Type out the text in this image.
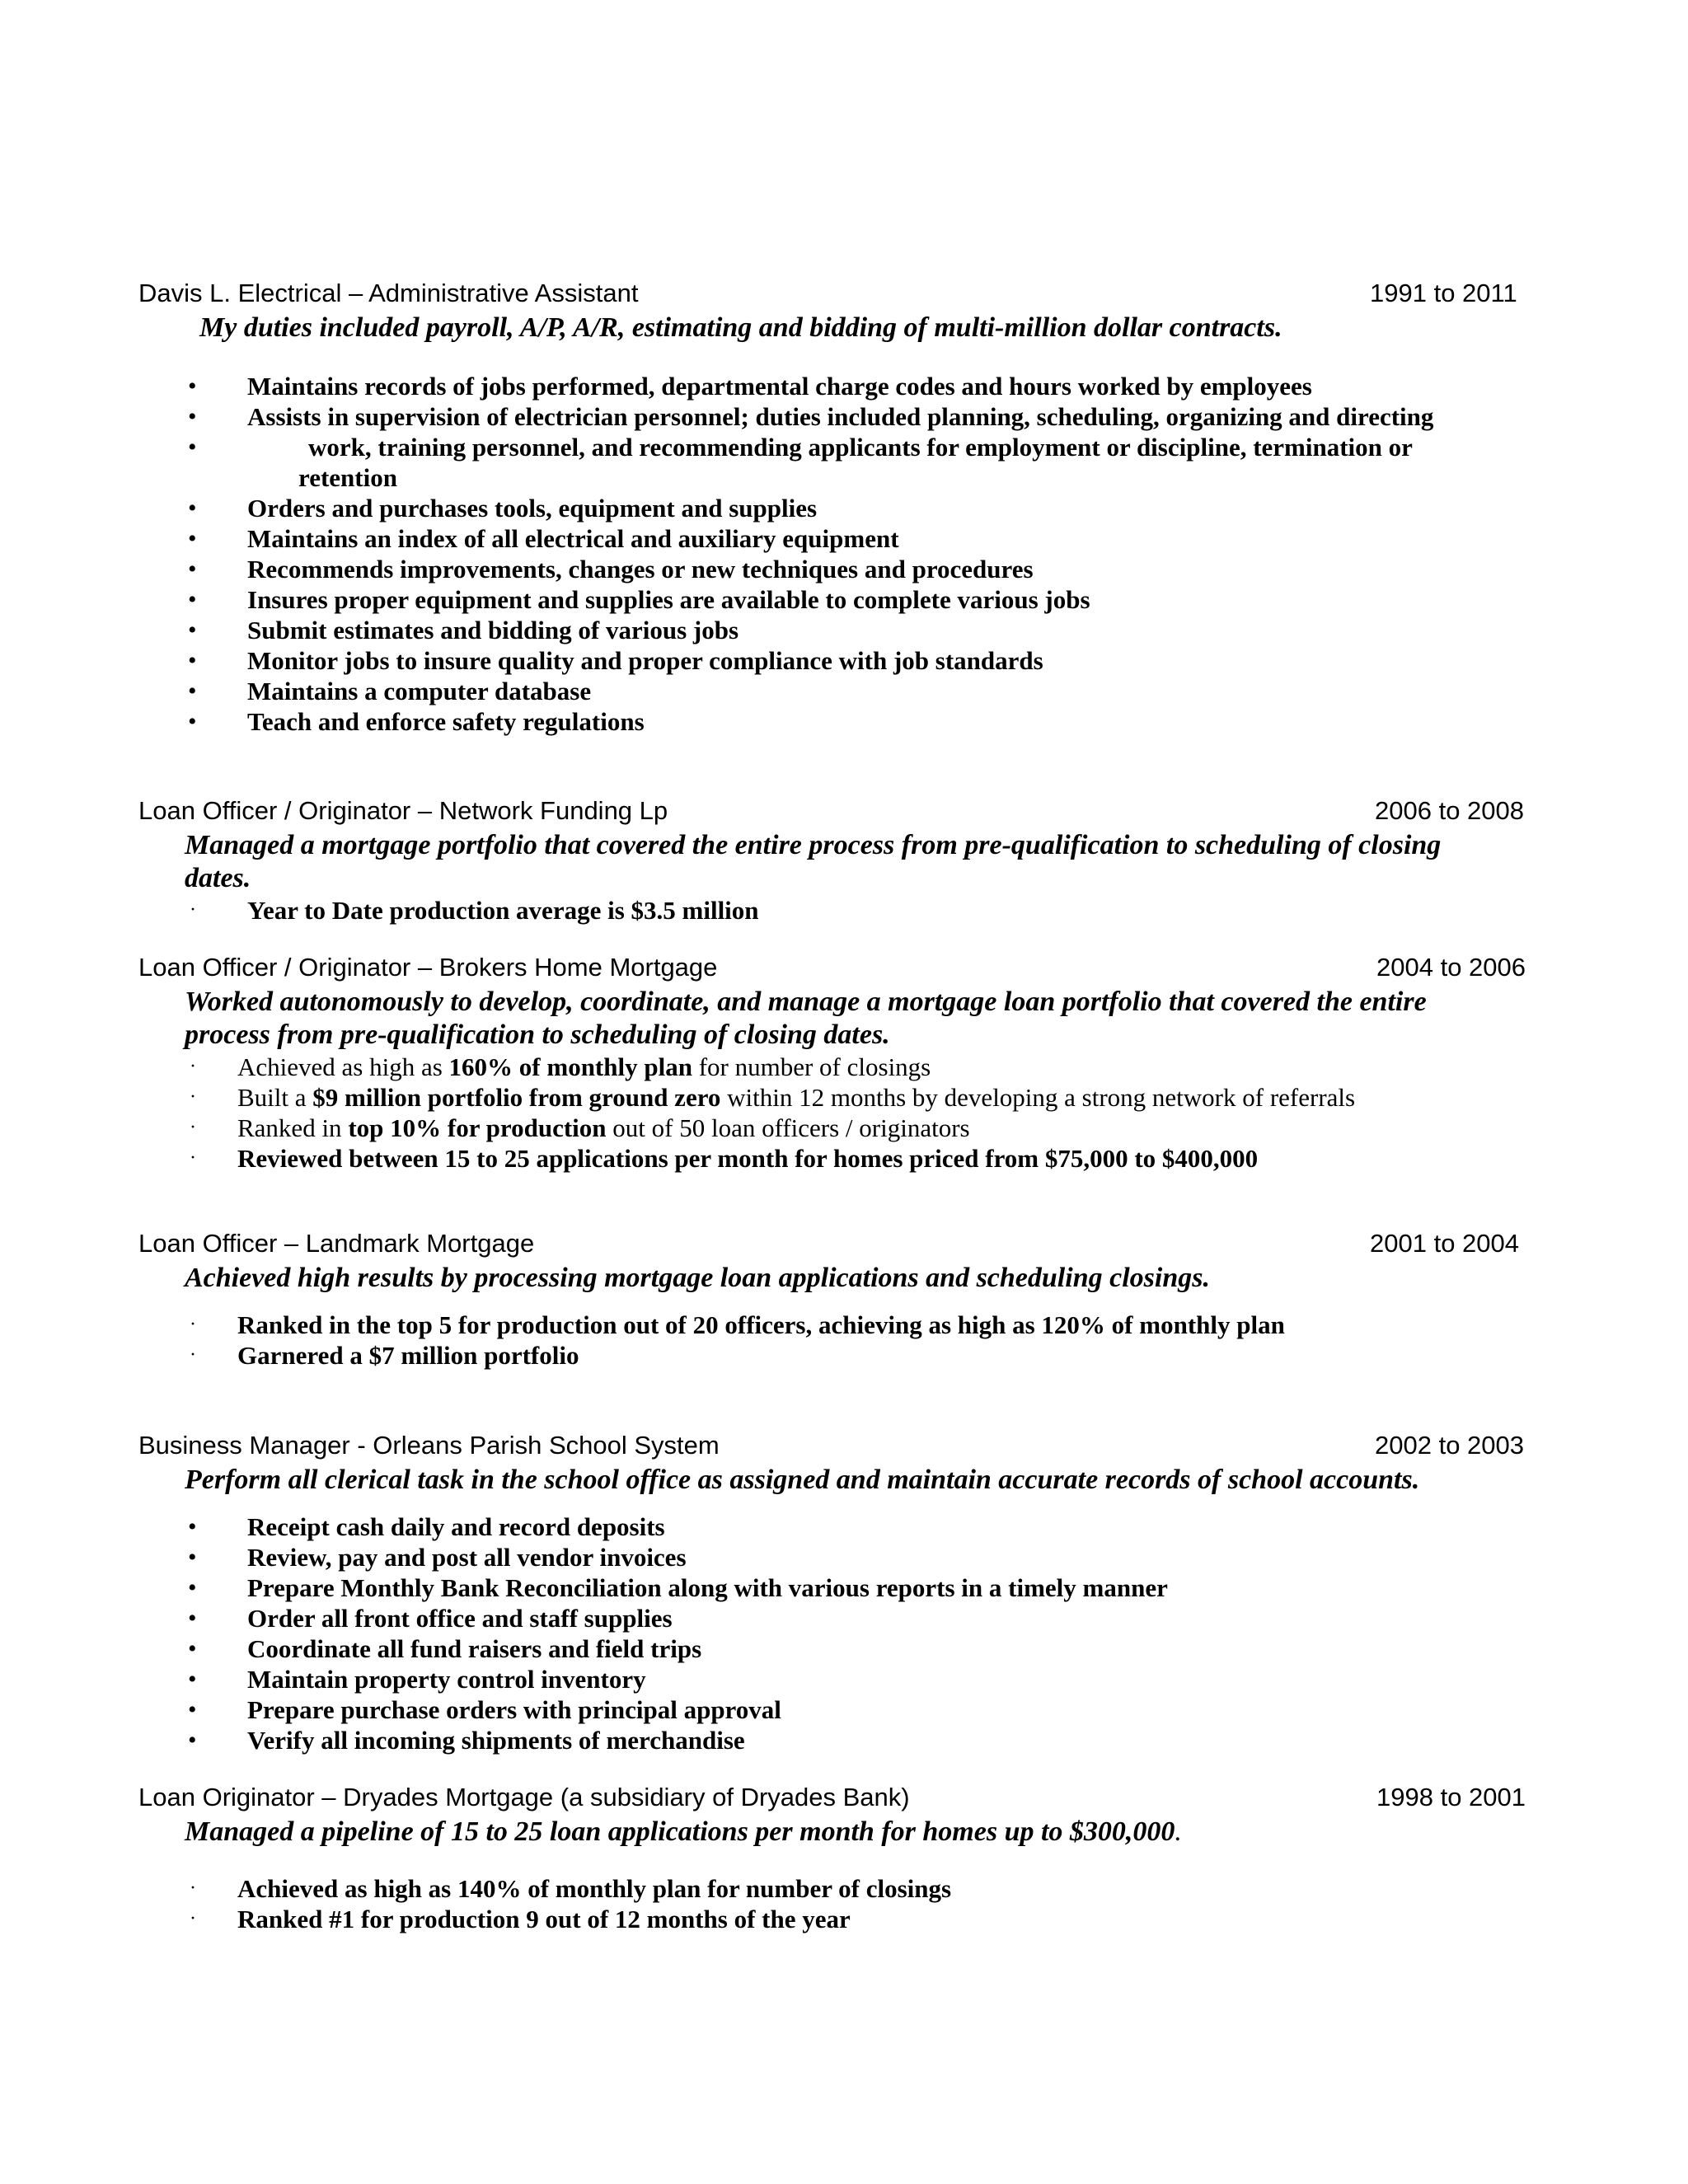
Davis L. Electrical – Administrative Assistant	1991 to 2011
My duties included payroll, A/P, A/R, estimating and bidding of multi-million dollar contracts.
• Maintains records of jobs performed, departmental charge codes and hours worked by employees

• Assists in supervision of electrician personnel; duties included planning, scheduling, organizing and directing

•	work, training personnel, and recommending applicants for employment or discipline, termination or

retention
• Orders and purchases tools, equipment and supplies

• Maintains an index of all electrical and auxiliary equipment

• Recommends improvements, changes or new techniques and procedures

• Insures proper equipment and supplies are available to complete various jobs

• Submit estimates and bidding of various jobs

• Monitor jobs to insure quality and proper compliance with job standards

• Maintains a computer database

• Teach and enforce safety regulations

Loan Officer / Originator – Network Funding Lp	2006 to 2008
Managed a mortgage portfolio that covered the entire process from pre-qualification to scheduling of closing
dates.
· Year to Date production average is $3.5 million

Loan Officer / Originator – Brokers Home Mortgage	2004 to 2006
Worked autonomously to develop, coordinate, and manage a mortgage loan portfolio that covered the entire
process from pre-qualification to scheduling of closing dates.
· Achieved as high as 160% of monthly plan for number of closings

· Built a $9 million portfolio from ground zero within 12 months by developing a strong network of referrals

· Ranked in top 10% for production out of 50 loan officers / originators

· Reviewed between 15 to 25 applications per month for homes priced from $75,000 to $400,000

Loan Officer – Landmark Mortgage	2001 to 2004
Achieved high results by processing mortgage loan applications and scheduling closings.
· Ranked in the top 5 for production out of 20 officers, achieving as high as 120% of monthly plan

· Garnered a $7 million portfolio

Business Manager - Orleans Parish School System	2002 to 2003
Perform all clerical task in the school office as assigned and maintain accurate records of school accounts.
• Receipt cash daily and record deposits

• Review, pay and post all vendor invoices

• Prepare Monthly Bank Reconciliation along with various reports in a timely manner

• Order all front office and staff supplies

• Coordinate all fund raisers and field trips

• Maintain property control inventory

• Prepare purchase orders with principal approval

• Verify all incoming shipments of merchandise

Loan Originator – Dryades Mortgage (a subsidiary of Dryades Bank)	1998 to 2001
Managed a pipeline of 15 to 25 loan applications per month for homes up to $300,000.
· Achieved as high as 140% of monthly plan for number of closings

· Ranked #1 for production 9 out of 12 months of the year
